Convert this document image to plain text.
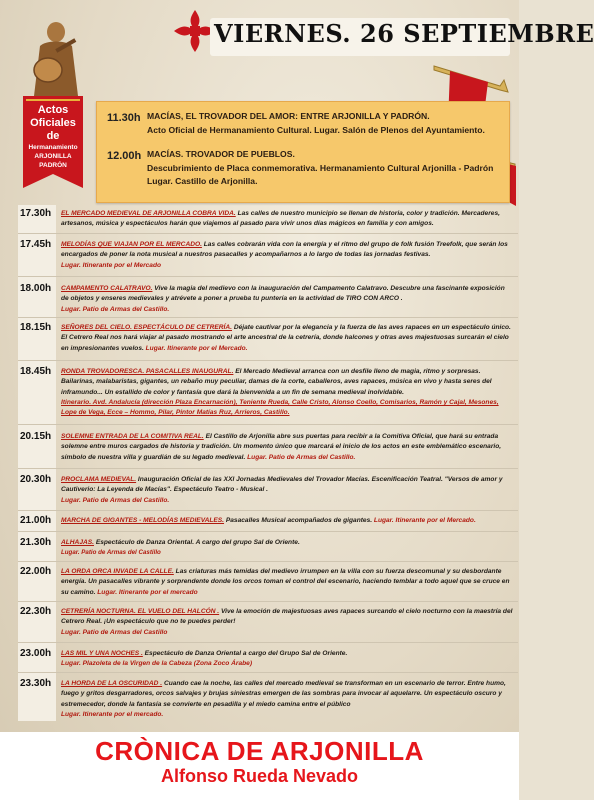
VIERNES. 26 SEPTIEMBRE
Actos
Oficiales
de
Hermanamiento
ARJONILLA
PADRÓN
11.30h MACÍAS, EL TROVADOR DEL AMOR: ENTRE ARJONILLA Y PADRÓN.
Acto Oficial de Hermanamiento Cultural. Lugar. Salón de Plenos del Ayuntamiento.
12.00h MACÍAS. TROVADOR DE PUEBLOS.
Descubrimiento de Placa conmemorativa. Hermanamiento Cultural Arjonilla - Padrón
Lugar. Castillo de Arjonilla.
17.30h	EL MERCADO MEDIEVAL DE ARJONILLA COBRA VIDA. Las calles de nuestro municipio se llenan de historia, color y tradición. Mercaderes, artesanos, música y espectáculos harán que viajemos al pasado para vivir unos días mágicos en familia y con amigos.
17.45h	MELODÍAS QUE VIAJAN POR EL MERCADO. Las calles cobrarán vida con la energía y el ritmo del grupo de folk fusión Treefolk, que serán los encargados de poner la nota musical a nuestros pasacalles y acompañarnos a lo largo de todas las jornadas festivas.
Lugar. Itinerante por el Mercado
18.00h	CAMPAMENTO CALATRAVO. Vive la magia del medievo con la inauguración del Campamento Calatravo. Descubre una fascinante exposición de objetos y enseres medievales y atrévete a poner a prueba tu puntería en la actividad de TIRO CON ARCO .
Lugar. Patio de Armas del Castillo.
18.15h	SEÑORES DEL CIELO. ESPECTÁCULO DE CETRERÍA. Déjate cautivar por la elegancia y la fuerza de las aves rapaces en un espectáculo único. El Cetrero Real nos hará viajar al pasado mostrando el arte ancestral de la cetrería, donde halcones y otras aves majestuosas surcarán el cielo en impresionantes vuelos. Lugar. Itinerante por el Mercado.
18.45h	RONDA TROVADORESCA. PASACALLES INAUGURAL. El Mercado Medieval arranca con un desfile lleno de magia, ritmo y sorpresas. Bailarinas, malabaristas, gigantes, un rebaño muy peculiar, damas de la corte, caballeros, aves rapaces, música en vivo y hasta seres del inframundo... Un estallido de color y fantasía que dará la bienvenida a un fin de semana medieval inolvidable.
Itinerario. Avd. Andalucía (dirección Plaza Encarnación), Teniente Rueda, Calle Cristo, Alonso Coello, Comisarios, Ramón y Cajal, Mesones, Lope de Vega, Ecce – Hommo, Pilar, Pintor Matías Ruz, Arrieros, Castillo.
20.15h	SOLEMNE ENTRADA DE LA COMITIVA REAL. El Castillo de Arjonilla abre sus puertas para recibir a la Comitiva Oficial, que hará su entrada solemne entre muros cargados de historia y tradición. Un momento único que marcará el inicio de los actos en este emblemático escenario, símbolo de nuestra villa y guardián de su legado medieval. Lugar. Patio de Armas del Castillo.
20.30h	PROCLAMA MEDIEVAL. Inauguración Oficial de las XXI Jornadas Medievales del Trovador Macías. Escenificación Teatral. "Versos de amor y Cautiverio: La Leyenda de Macías". Espectáculo Teatro - Musical .
Lugar. Patio de Armas del Castillo.
21.00h	MARCHA DE GIGANTES - MELODÍAS MEDIEVALES. Pasacalles Musical acompañados de gigantes. Lugar. Itinerante por el Mercado.
21.30h	ALHAJAS. Espectáculo de Danza Oriental. A cargo del grupo Sal de Oriente.
Lugar. Patio de Armas del Castillo
22.00h	LA ORDA ORCA INVADE LA CALLE. Las criaturas más temidas del medievo irrumpen en la villa con su fuerza descomunal y su desbordante energía. Un pasacalles vibrante y sorprendente donde los orcos toman el control del escenario, haciendo temblar a todo aquel que se cruce en su camino. Lugar. Itinerante por el mercado
22.30h	CETRERÍA NOCTURNA. EL VUELO DEL HALCÓN . Vive la emoción de majestuosas aves rapaces surcando el cielo nocturno con la maestría del Cetrero Real. ¡Un espectáculo que no te puedes perder!
Lugar. Patio de Armas del Castillo
23.00h	LAS MIL Y UNA NOCHES . Espectáculo de Danza Oriental a cargo del Grupo Sal de Oriente.
Lugar. Plazoleta de la Virgen de la Cabeza (Zona Zoco Árabe)
23.30h	LA HORDA DE LA OSCURIDAD . Cuando cae la noche, las calles del mercado medieval se transforman en un escenario de terror. Entre humo, fuego y gritos desgarradores, orcos salvajes y brujas siniestras emergen de las sombras para invocar al aquelarre. Un espectáculo oscuro y estremecedor, donde la fantasía se convierte en pesadilla y el miedo camina entre el público
Lugar. Itinerante por el mercado.
CRÒNICA DE ARJONILLA
Alfonso Rueda Nevado
